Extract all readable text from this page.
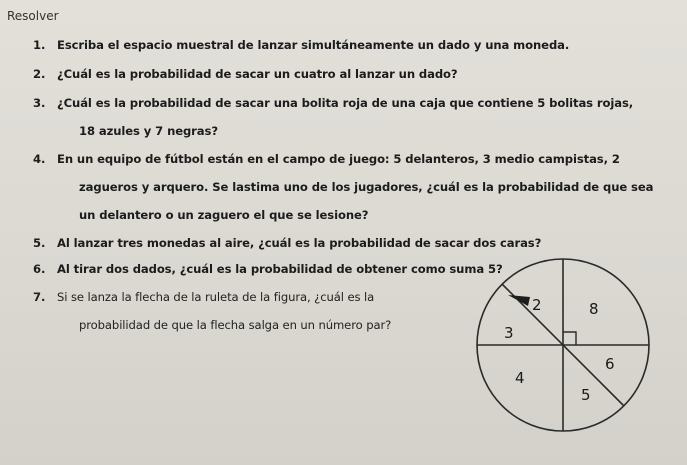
Resolver
1. Escriba el espacio muestral de lanzar simultáneamente un dado y una moneda.
2. ¿Cuál es la probabilidad de sacar un cuatro al lanzar un dado?
3. ¿Cuál es la probabilidad de sacar una bolita roja de una caja que contiene 5 bolitas rojas,
18 azules y 7 negras?
4. En un equipo de fútbol están en el campo de juego: 5 delanteros, 3 medio campistas, 2
zagueros y arquero. Se lastima uno de los jugadores, ¿cuál es la probabilidad de que sea
un delantero o un zaguero el que se lesione?
5. Al lanzar tres monedas al aire, ¿cuál es la probabilidad de sacar dos caras?
6. Al tirar dos dados, ¿cuál es la probabilidad de obtener como suma 5?
7. Si se lanza la flecha de la ruleta de la figura, ¿cuál es la
probabilidad de que la flecha salga en un número par?
2	8
3
6
4
5
